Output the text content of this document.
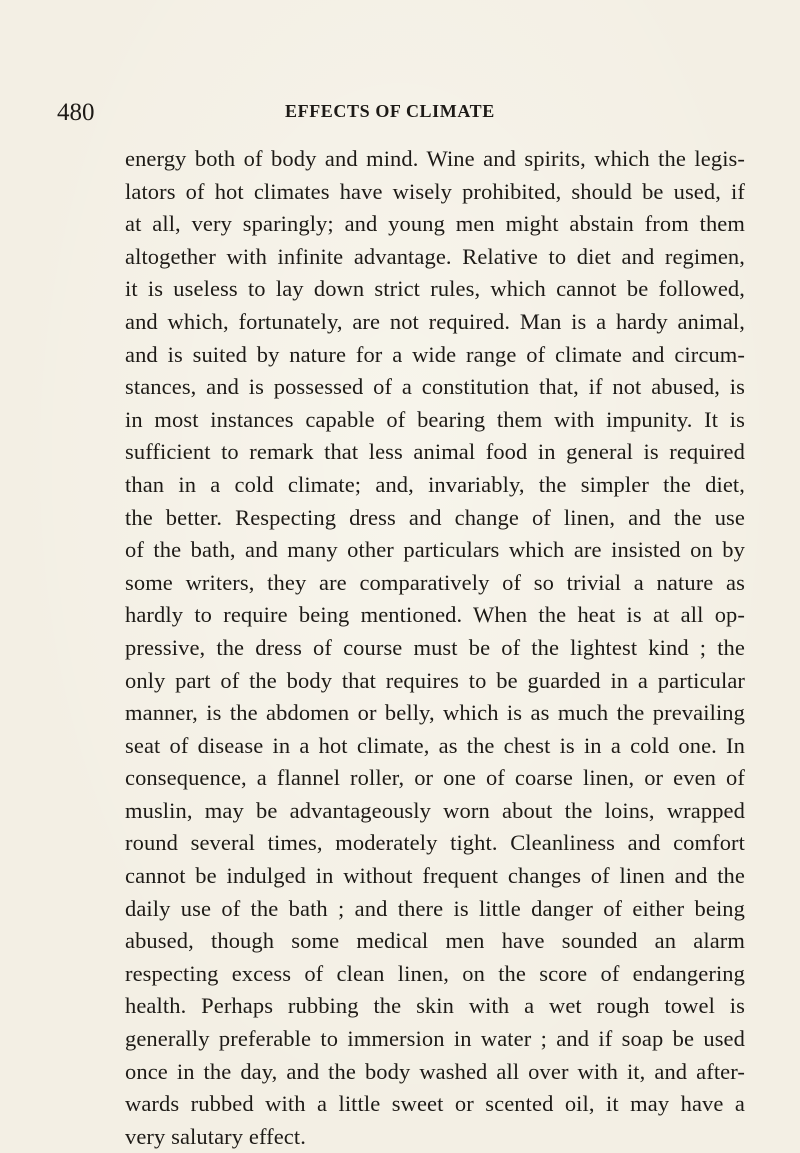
480	EFFECTS OF CLIMATE
energy both of body and mind. Wine and spirits, which the legis-
lators of hot climates have wisely prohibited, should be used, if
at all, very sparingly; and young men might abstain from them
altogether with infinite advantage. Relative to diet and regimen,
it is useless to lay down strict rules, which cannot be followed,
and which, fortunately, are not required. Man is a hardy animal,
and is suited by nature for a wide range of climate and circum-
stances, and is possessed of a constitution that, if not abused, is
in most instances capable of bearing them with impunity. It is
sufficient to remark that less animal food in general is required
than in a cold climate; and, invariably, the simpler the diet,
the better. Respecting dress and change of linen, and the use
of the bath, and many other particulars which are insisted on by
some writers, they are comparatively of so trivial a nature as
hardly to require being mentioned. When the heat is at all op-
pressive, the dress of course must be of the lightest kind ; the
only part of the body that requires to be guarded in a particular
manner, is the abdomen or belly, which is as much the prevailing
seat of disease in a hot climate, as the chest is in a cold one. In
consequence, a flannel roller, or one of coarse linen, or even of
muslin, may be advantageously worn about the loins, wrapped
round several times, moderately tight. Cleanliness and comfort
cannot be indulged in without frequent changes of linen and the
daily use of the bath ; and there is little danger of either being
abused, though some medical men have sounded an alarm
respecting excess of clean linen, on the score of endangering
health. Perhaps rubbing the skin with a wet rough towel is
generally preferable to immersion in water ; and if soap be used
once in the day, and the body washed all over with it, and after-
wards rubbed with a little sweet or scented oil, it may have a
very salutary effect.
